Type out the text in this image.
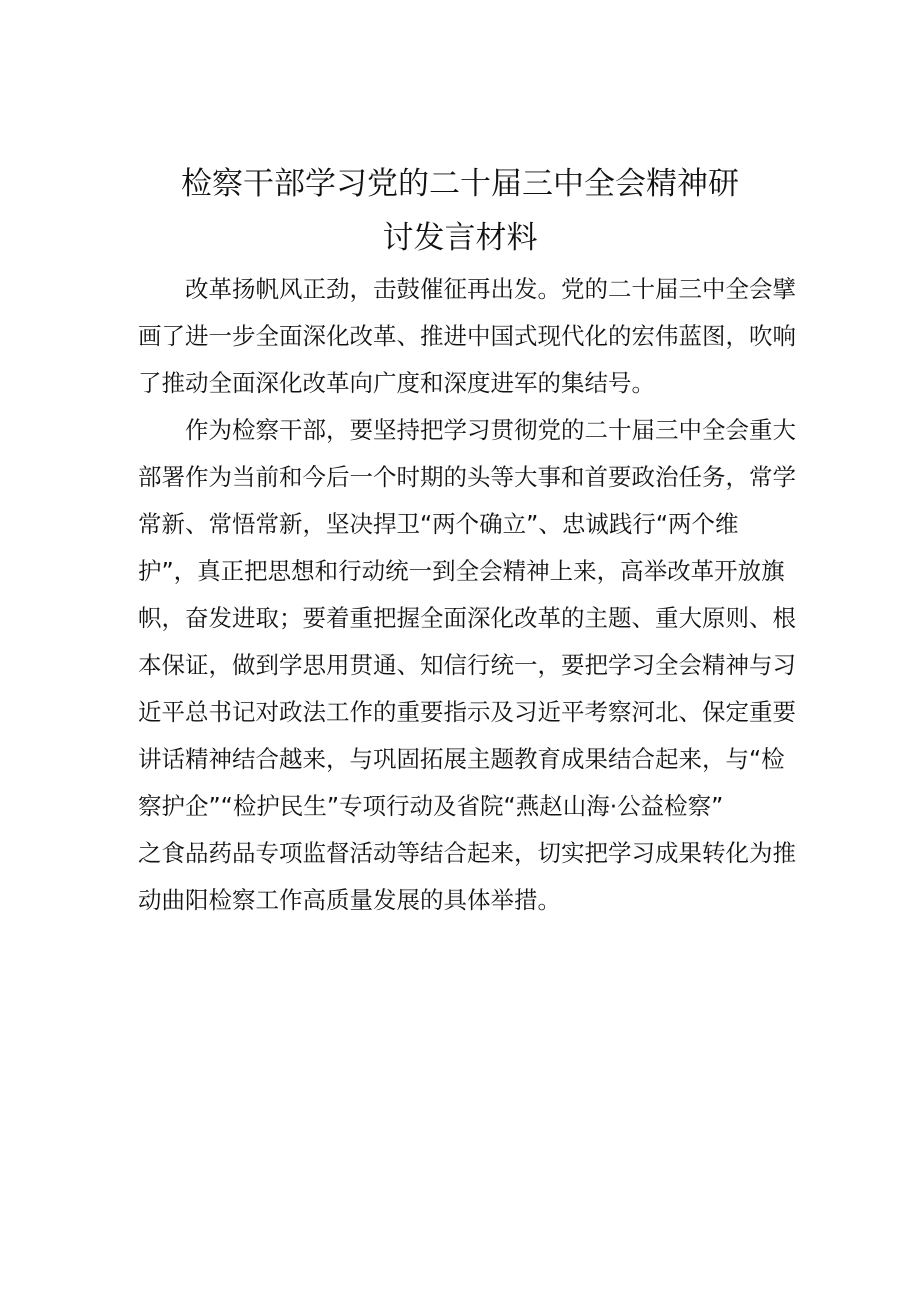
检察干部学习党的二十届三中全会精神研
讨发言材料

改革扬帆风正劲，击鼓催征再出发。党的二十届三中全会擘
画了进一步全面深化改革、推进中国式现代化的宏伟蓝图，吹响
了推动全面深化改革向广度和深度进军的集结号。

作为检察干部，要坚持把学习贯彻党的二十届三中全会重大
部署作为当前和今后一个时期的头等大事和首要政治任务，常学
常新、常悟常新，坚决捍卫“两个确立”、忠诚践行“两个维
护”，真正把思想和行动统一到全会精神上来，高举改革开放旗
帜，奋发进取；要着重把握全面深化改革的主题、重大原则、根
本保证，做到学思用贯通、知信行统一，要把学习全会精神与习
近平总书记对政法工作的重要指示及习近平考察河北、保定重要
讲话精神结合越来，与巩固拓展主题教育成果结合起来，与“检
察护企”“检护民生”专项行动及省院“燕赵山海·公益检察”
之食品药品专项监督活动等结合起来，切实把学习成果转化为推
动曲阳检察工作高质量发展的具体举措。
